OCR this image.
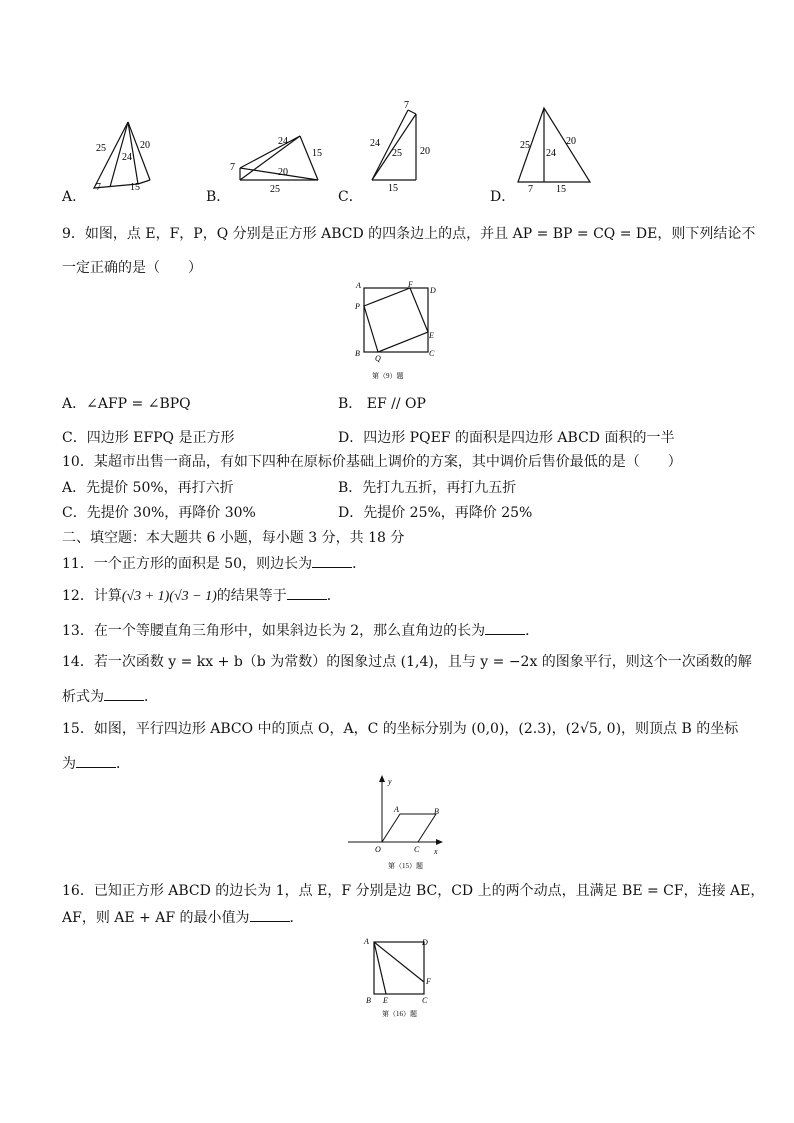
25	20
24
7	15
A．
24
15
7	20
25
B．
7
24
25 20
15
C．
25	20
24
7 15
D．
9．如图，点 E，F，P，Q 分别是正方形 ABCD 的四条边上的点，并且 AP = BP = CQ = DE，则下列结论不
一定正确的是（　　）
A	F
D
P
E
B
Q
C
第（9）题
A．∠AFP = ∠BPQ	B． EF // OP
C．四边形 EFPQ 是正方形	D．四边形 PQEF 的面积是四边形 ABCD 面积的一半
10．某超市出售一商品，有如下四种在原标价基础上调价的方案，其中调价后售价最低的是（　　）
A．先提价 50%，再打六折	B．先打九五折，再打九五折
C．先提价 30%，再降价 30%	D．先提价 25%，再降价 25%
二、填空题：本大题共 6 小题，每小题 3 分，共 18 分
11．一个正方形的面积是 50，则边长为	．
12．计算(√3 + 1)(√3 − 1)的结果等于	．
13．在一个等腰直角三角形中，如果斜边长为 2，那么直角边的长为	．
14．若一次函数 y = kx + b（b 为常数）的图象过点 (1,4)，且与 y = −2x 的图象平行，则这个一次函数的解
析式为	．
15．如图，平行四边形 ABCO 中的顶点 O，A，C 的坐标分别为 (0,0)，(2.3)，(2√5, 0)，则顶点 B 的坐标
为	．
y
x
A	B
O	C
第（15）题
16．已知正方形 ABCD 的边长为 1，点 E，F 分别是边 BC，CD 上的两个动点，且满足 BE = CF，连接 AE，
AF，则 AE + AF 的最小值为	．
A	D
F
B E	C
第（16）题
